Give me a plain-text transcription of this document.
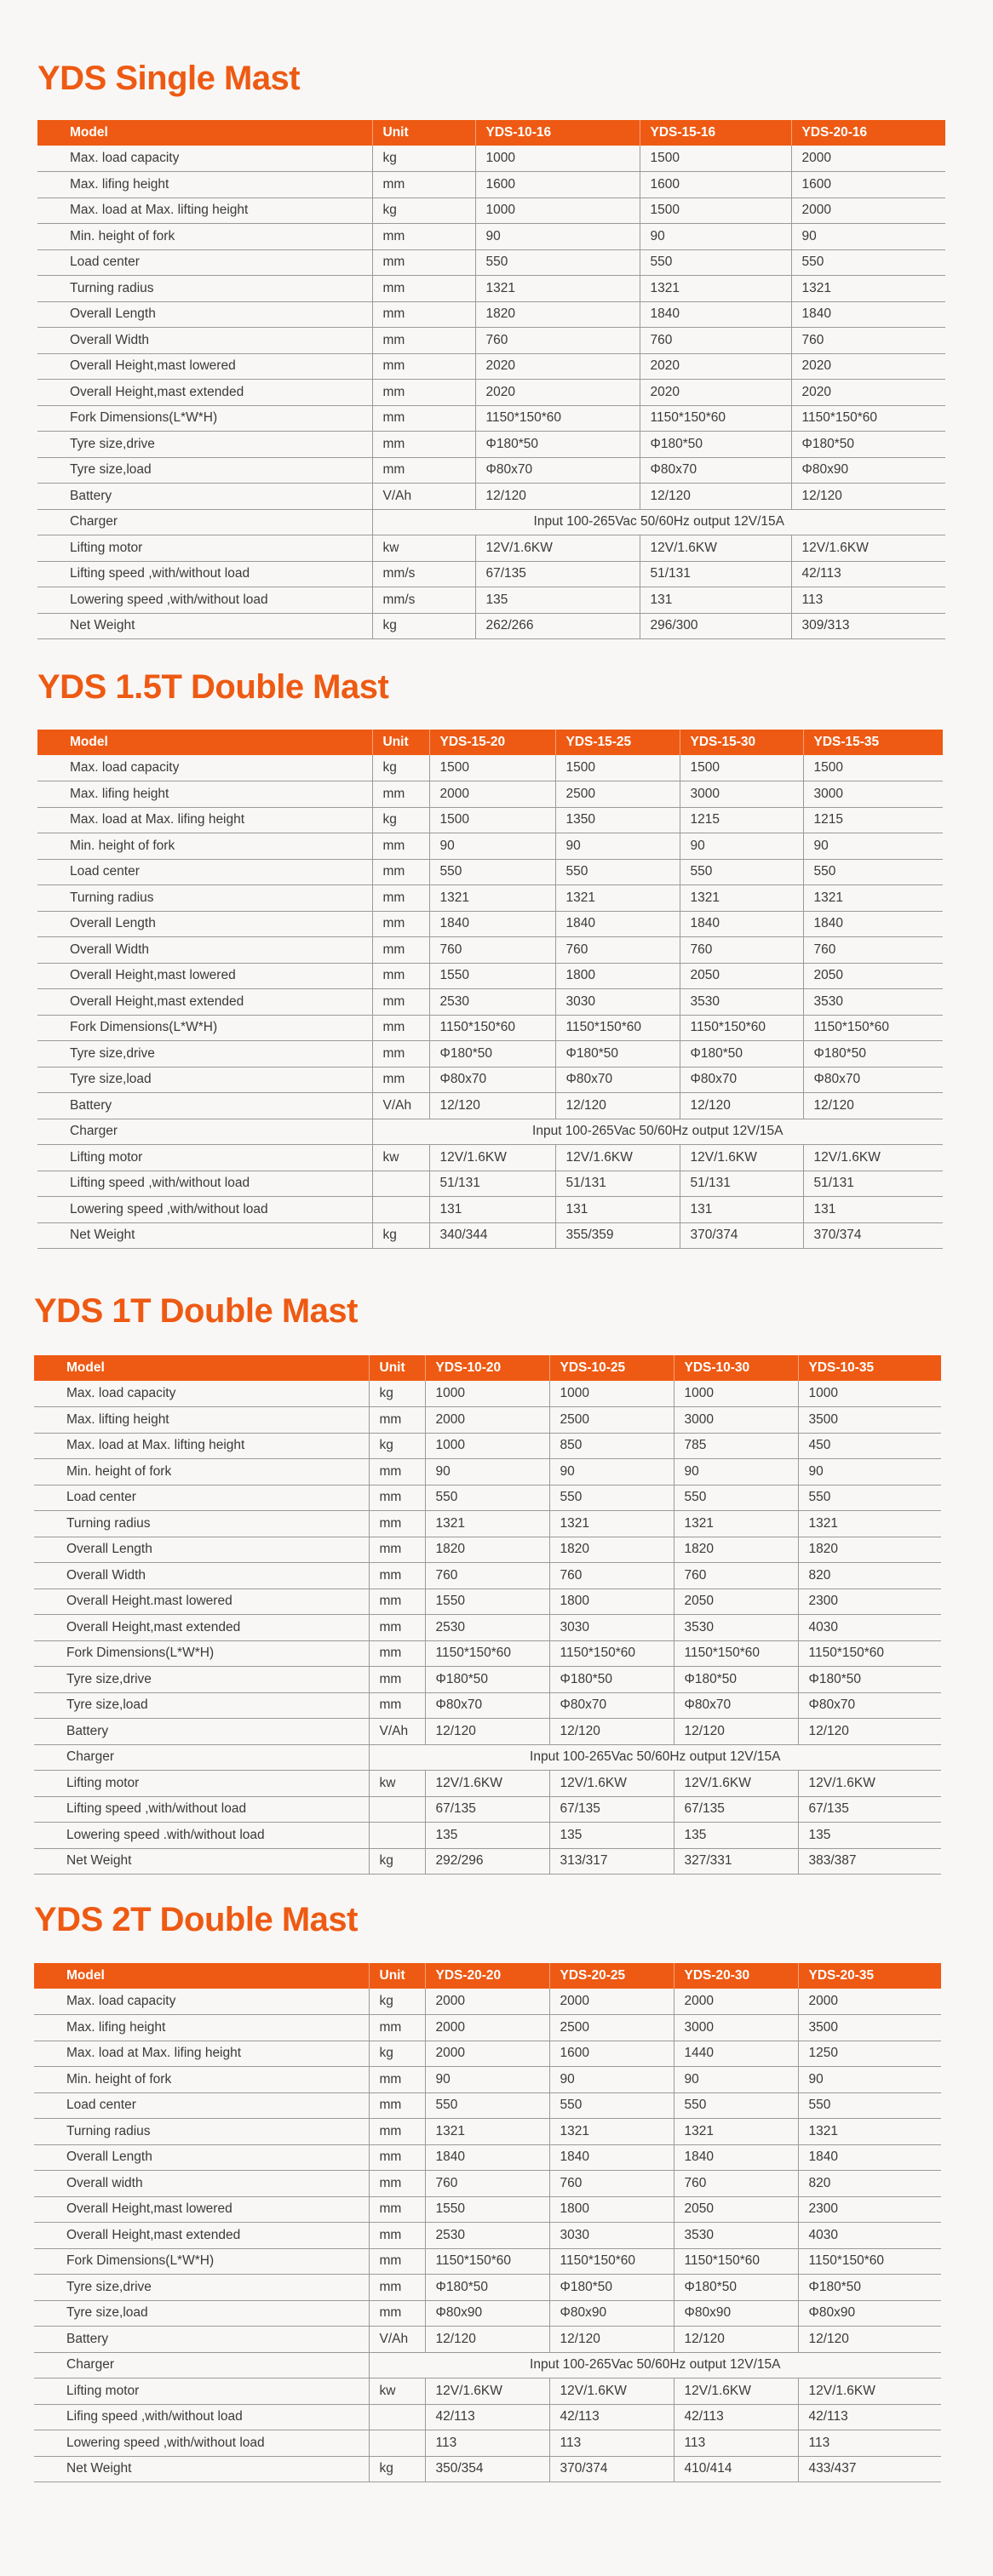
YDS Single Mast
Model	Unit	YDS-10-16	YDS-15-16	YDS-20-16
Max. load capacity	kg	1000	1500	2000
Max. lifing height	mm	1600	1600	1600
Max. load at Max. lifting height	kg	1000	1500	2000
Min. height of fork	mm	90	90	90
Load center	mm	550	550	550
Turning radius	mm	1321	1321	1321
Overall Length	mm	1820	1840	1840
Overall Width	mm	760	760	760
Overall Height,mast lowered	mm	2020	2020	2020
Overall Height,mast extended	mm	2020	2020	2020
Fork Dimensions(L*W*H)	mm	1150*150*60	1150*150*60	1150*150*60
Tyre size,drive	mm	Φ180*50	Φ180*50	Φ180*50
Tyre size,load	mm	Φ80x70	Φ80x70	Φ80x90
Battery	V/Ah	12/120	12/120	12/120
Charger	Input 100-265Vac 50/60Hz output 12V/15A			
Lifting motor	kw	12V/1.6KW	12V/1.6KW	12V/1.6KW
Lifting speed ,with/without load	mm/s	67/135	51/131	42/113
Lowering speed ,with/without load	mm/s	135	131	113
Net Weight	kg	262/266	296/300	309/313
YDS 1.5T Double Mast
Model	Unit	YDS-15-20	YDS-15-25	YDS-15-30	YDS-15-35
Max. load capacity	kg	1500	1500	1500	1500
Max. lifing height	mm	2000	2500	3000	3000
Max. load at Max. lifing height	kg	1500	1350	1215	1215
Min. height of fork	mm	90	90	90	90
Load center	mm	550	550	550	550
Turning radius	mm	1321	1321	1321	1321
Overall Length	mm	1840	1840	1840	1840
Overall Width	mm	760	760	760	760
Overall Height,mast lowered	mm	1550	1800	2050	2050
Overall Height,mast extended	mm	2530	3030	3530	3530
Fork Dimensions(L*W*H)	mm	1150*150*60	1150*150*60	1150*150*60	1150*150*60
Tyre size,drive	mm	Φ180*50	Φ180*50	Φ180*50	Φ180*50
Tyre size,load	mm	Φ80x70	Φ80x70	Φ80x70	Φ80x70
Battery	V/Ah	12/120	12/120	12/120	12/120
Charger	Input 100-265Vac 50/60Hz output 12V/15A				
Lifting motor	kw	12V/1.6KW	12V/1.6KW	12V/1.6KW	12V/1.6KW
Lifting speed ,with/without load		51/131	51/131	51/131	51/131
Lowering speed ,with/without load		131	131	131	131
Net Weight	kg	340/344	355/359	370/374	370/374
YDS 1T Double Mast
Model	Unit	YDS-10-20	YDS-10-25	YDS-10-30	YDS-10-35
Max. load capacity	kg	1000	1000	1000	1000
Max. lifting height	mm	2000	2500	3000	3500
Max. load at Max. lifting height	kg	1000	850	785	450
Min. height of fork	mm	90	90	90	90
Load center	mm	550	550	550	550
Turning radius	mm	1321	1321	1321	1321
Overall Length	mm	1820	1820	1820	1820
Overall Width	mm	760	760	760	820
Overall Height.mast lowered	mm	1550	1800	2050	2300
Overall Height,mast extended	mm	2530	3030	3530	4030
Fork Dimensions(L*W*H)	mm	1150*150*60	1150*150*60	1150*150*60	1150*150*60
Tyre size,drive	mm	Φ180*50	Φ180*50	Φ180*50	Φ180*50
Tyre size,load	mm	Φ80x70	Φ80x70	Φ80x70	Φ80x70
Battery	V/Ah	12/120	12/120	12/120	12/120
Charger	Input 100-265Vac 50/60Hz output 12V/15A				
Lifting motor	kw	12V/1.6KW	12V/1.6KW	12V/1.6KW	12V/1.6KW
Lifting speed ,with/without load		67/135	67/135	67/135	67/135
Lowering speed .with/without load		135	135	135	135
Net Weight	kg	292/296	313/317	327/331	383/387
YDS 2T Double Mast
Model	Unit	YDS-20-20	YDS-20-25	YDS-20-30	YDS-20-35
Max. load capacity	kg	2000	2000	2000	2000
Max. lifing height	mm	2000	2500	3000	3500
Max. load at Max. lifing height	kg	2000	1600	1440	1250
Min. height of fork	mm	90	90	90	90
Load center	mm	550	550	550	550
Turning radius	mm	1321	1321	1321	1321
Overall Length	mm	1840	1840	1840	1840
Overall width	mm	760	760	760	820
Overall Height,mast lowered	mm	1550	1800	2050	2300
Overall Height,mast extended	mm	2530	3030	3530	4030
Fork Dimensions(L*W*H)	mm	1150*150*60	1150*150*60	1150*150*60	1150*150*60
Tyre size,drive	mm	Φ180*50	Φ180*50	Φ180*50	Φ180*50
Tyre size,load	mm	Φ80x90	Φ80x90	Φ80x90	Φ80x90
Battery	V/Ah	12/120	12/120	12/120	12/120
Charger	Input 100-265Vac 50/60Hz output 12V/15A				
Lifting motor	kw	12V/1.6KW	12V/1.6KW	12V/1.6KW	12V/1.6KW
Lifing speed ,with/without load		42/113	42/113	42/113	42/113
Lowering speed ,with/without load		113	113	113	113
Net Weight	kg	350/354	370/374	410/414	433/437
